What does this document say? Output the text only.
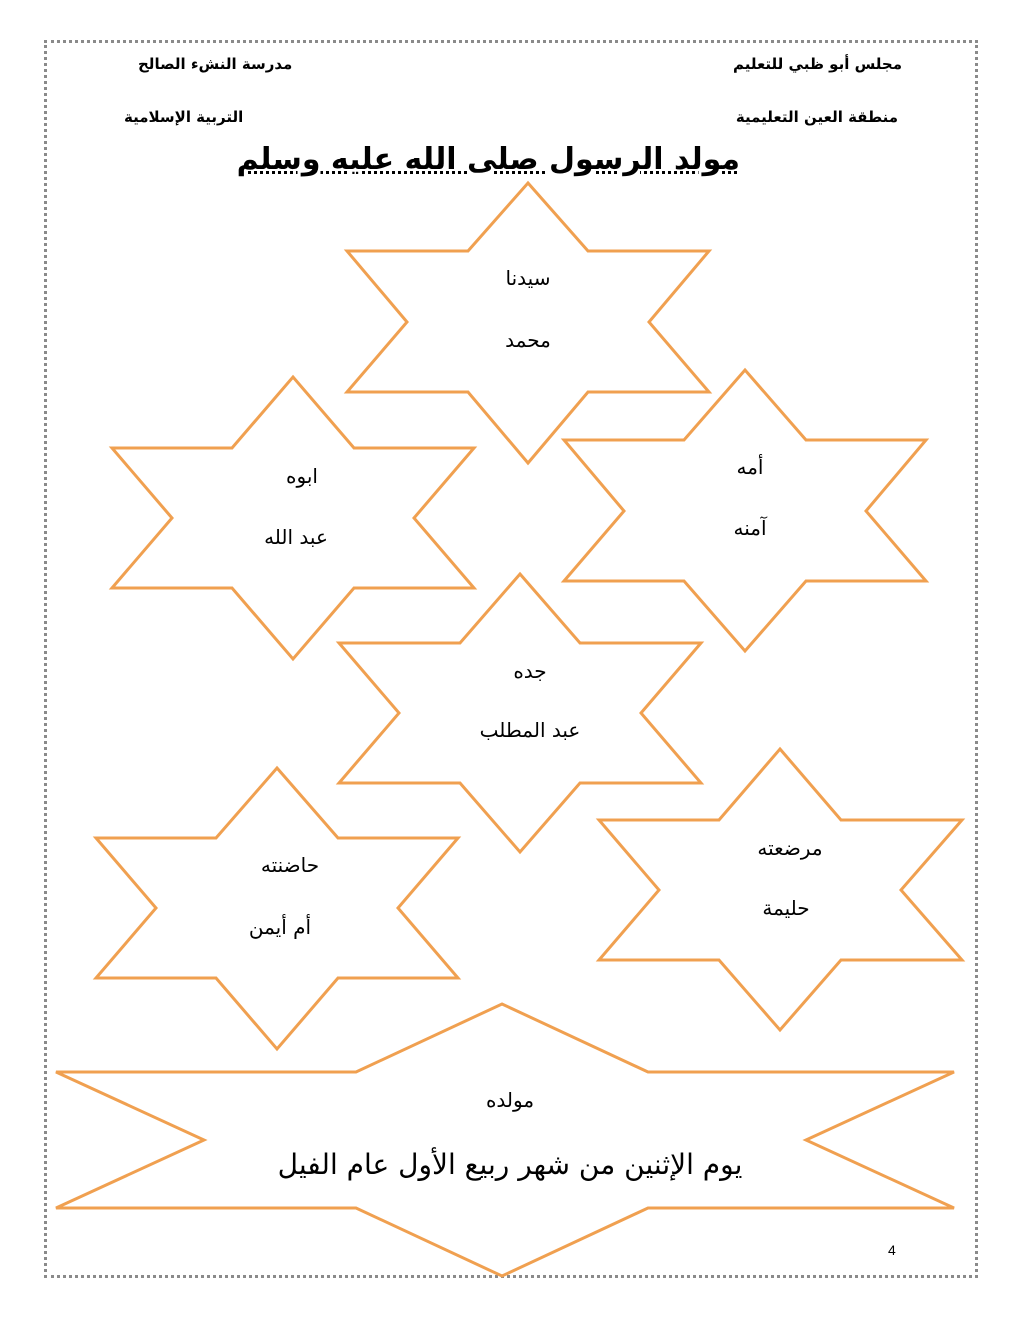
مجلس أبو ظبي للتعليم
مدرسة النشء الصالح
منطقة العين التعليمية
التربية الإسلامية
مولد الرسول صلى الله عليه وسلم
سيدنا
محمد
ابوه
عبد الله
أمه
آمنه
جده
عبد المطلب
حاضنته
أم أيمن
مرضعته
حليمة
مولده
يوم الإثنين من شهر ربيع الأول عام الفيل
4
